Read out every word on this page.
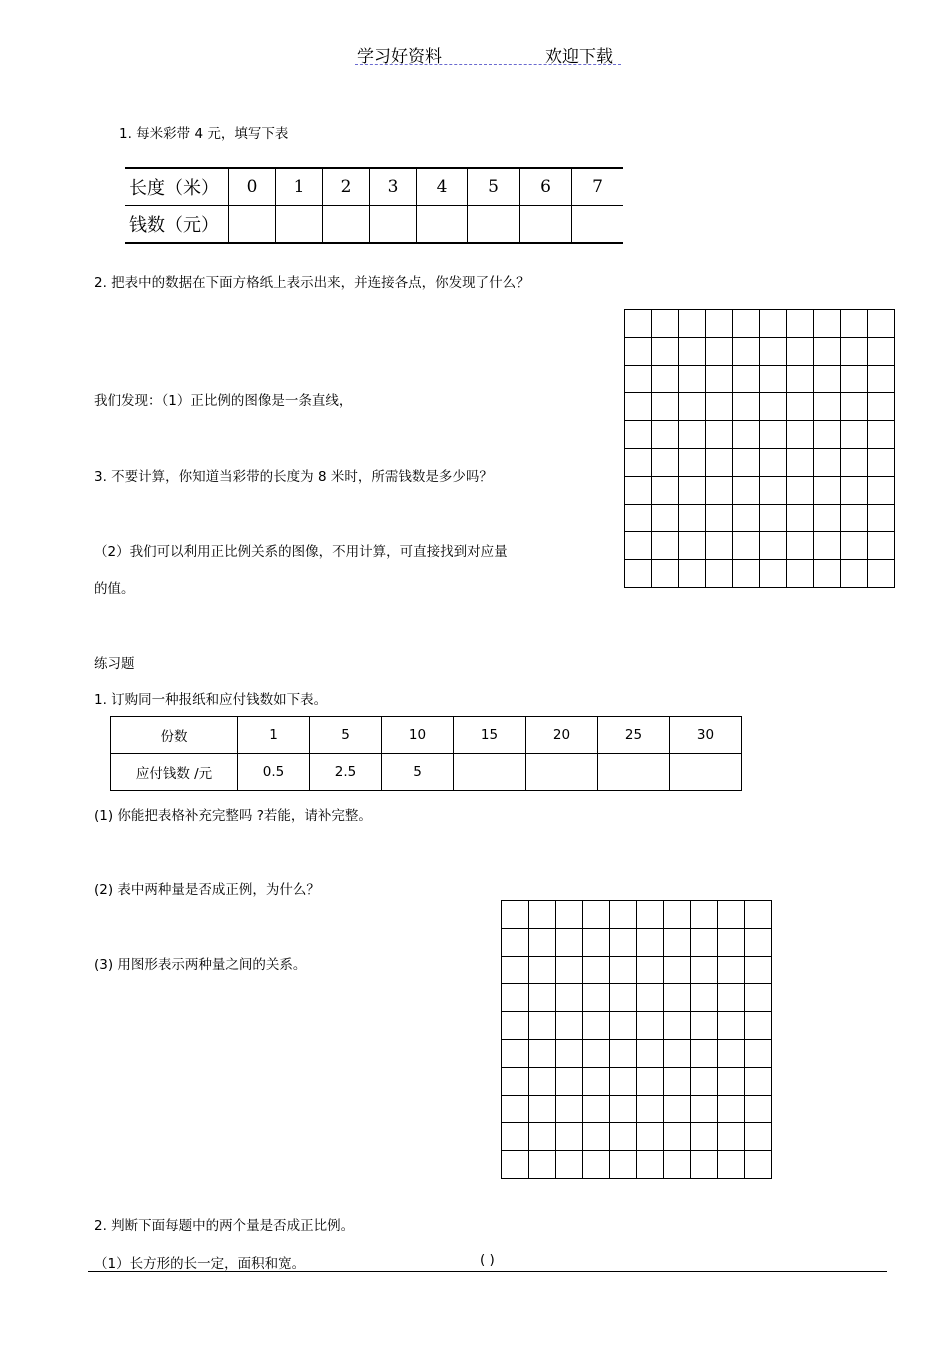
学习好资料	欢迎下载
1. 每米彩带 4 元，填写下表
长度（米）	0	1	2	3	4	5	6	7
钱数（元）								
2. 把表中的数据在下面方格纸上表示出来，并连接各点，你发现了什么？
我们发现：（1）正比例的图像是一条直线，
3. 不要计算，你知道当彩带的长度为 8 米时，所需钱数是多少吗？
（2）我们可以利用正比例关系的图像，不用计算，可直接找到对应量
的值。
练习题
1. 订购同一种报纸和应付钱数如下表。
份数	1	5	10	15	20	25	30
应付钱数 /元	0.5	2.5	5				
(1) 你能把表格补充完整吗 ?若能，请补完整。
(2) 表中两种量是否成正例，为什么？
(3) 用图形表示两种量之间的关系。
2. 判断下面每题中的两个量是否成正比例。
（1）长方形的长一定，面积和宽。	( )
